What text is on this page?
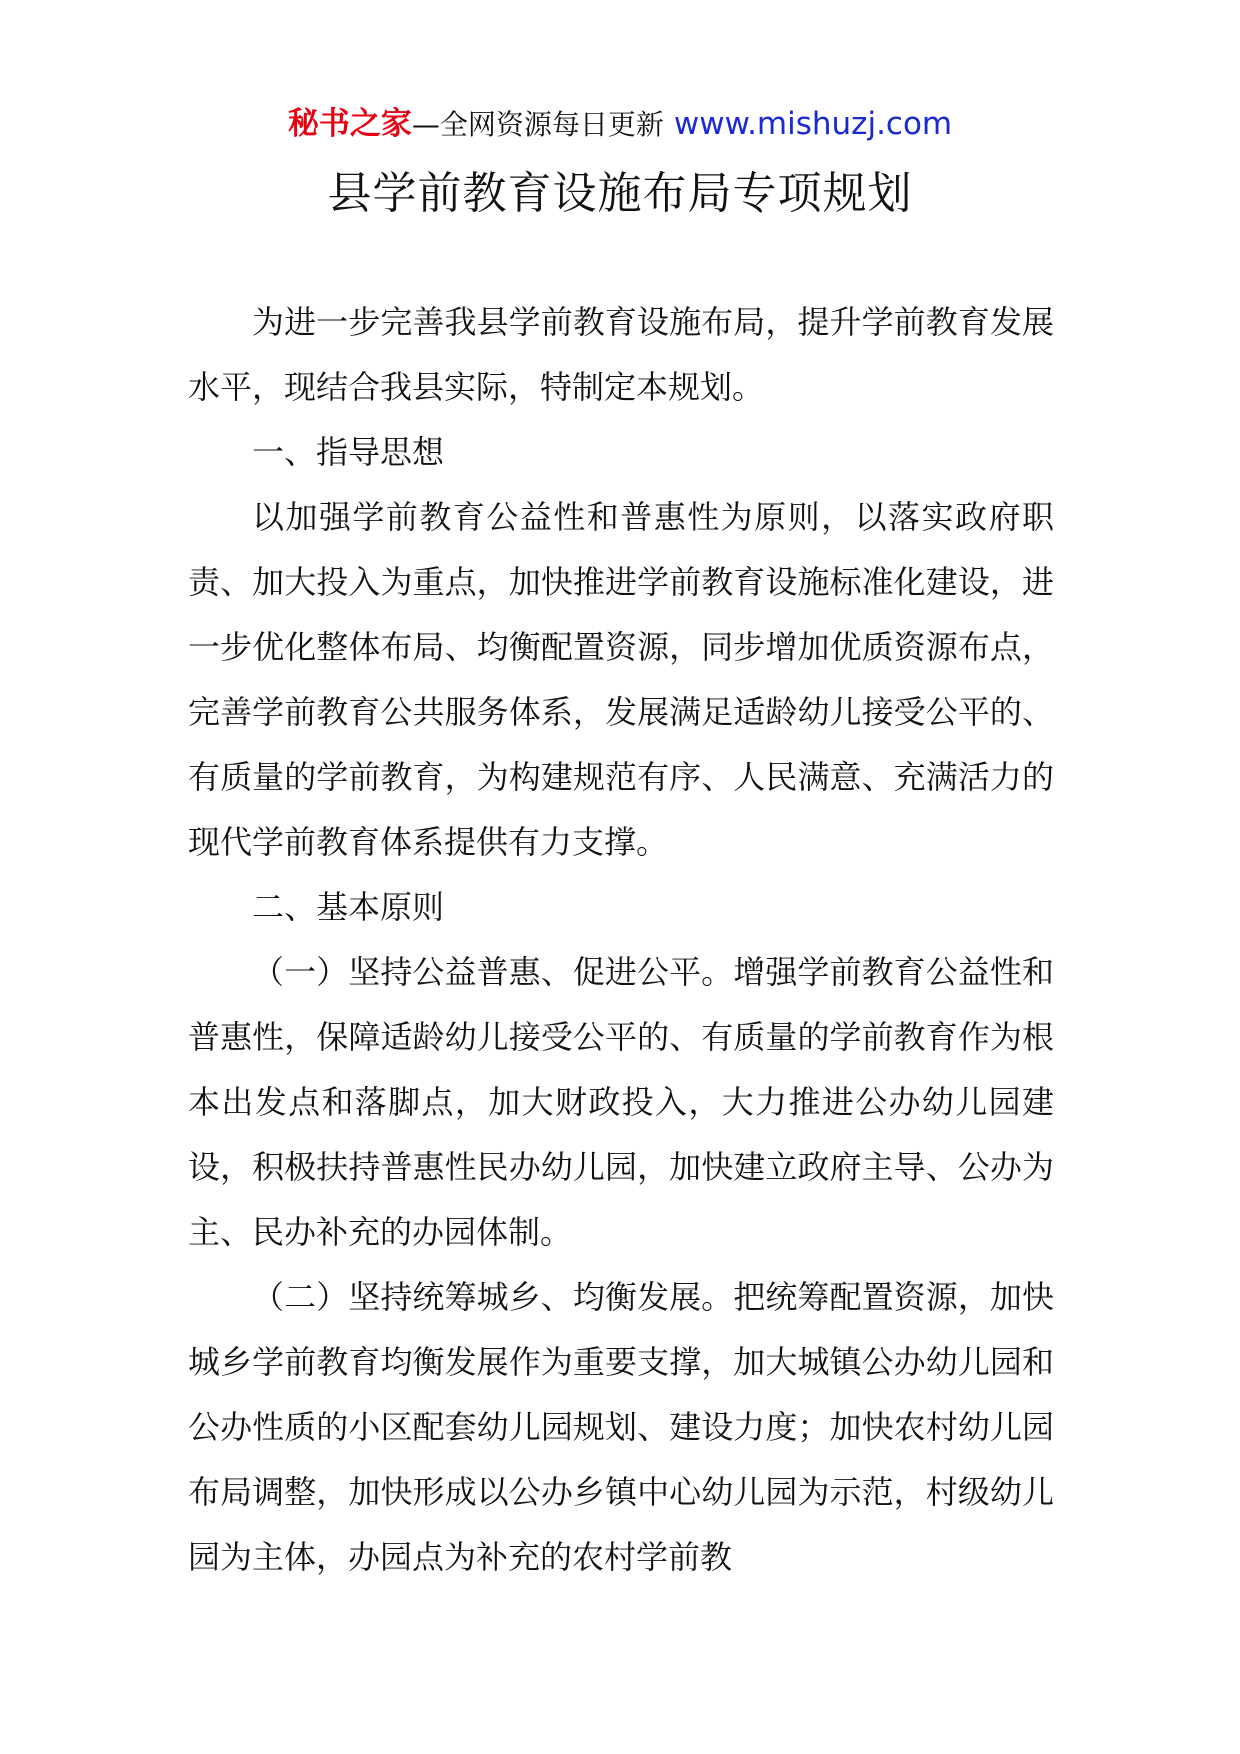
秘书之家—全网资源每日更新 www.mishuzj.com
县学前教育设施布局专项规划

为进一步完善我县学前教育设施布局，提升学前教育发展水平，现结合我县实际，特制定本规划。

一、指导思想

以加强学前教育公益性和普惠性为原则，以落实政府职责、加大投入为重点，加快推进学前教育设施标准化建设，进一步优化整体布局、均衡配置资源，同步增加优质资源布点，完善学前教育公共服务体系，发展满足适龄幼儿接受公平的、有质量的学前教育，为构建规范有序、人民满意、充满活力的现代学前教育体系提供有力支撑。

二、基本原则

（一）坚持公益普惠、促进公平。增强学前教育公益性和普惠性，保障适龄幼儿接受公平的、有质量的学前教育作为根本出发点和落脚点，加大财政投入，大力推进公办幼儿园建设，积极扶持普惠性民办幼儿园，加快建立政府主导、公办为主、民办补充的办园体制。

（二）坚持统筹城乡、均衡发展。把统筹配置资源，加快城乡学前教育均衡发展作为重要支撑，加大城镇公办幼儿园和公办性质的小区配套幼儿园规划、建设力度；加快农村幼儿园布局调整，加快形成以公办乡镇中心幼儿园为示范，村级幼儿园为主体，办园点为补充的农村学前教
